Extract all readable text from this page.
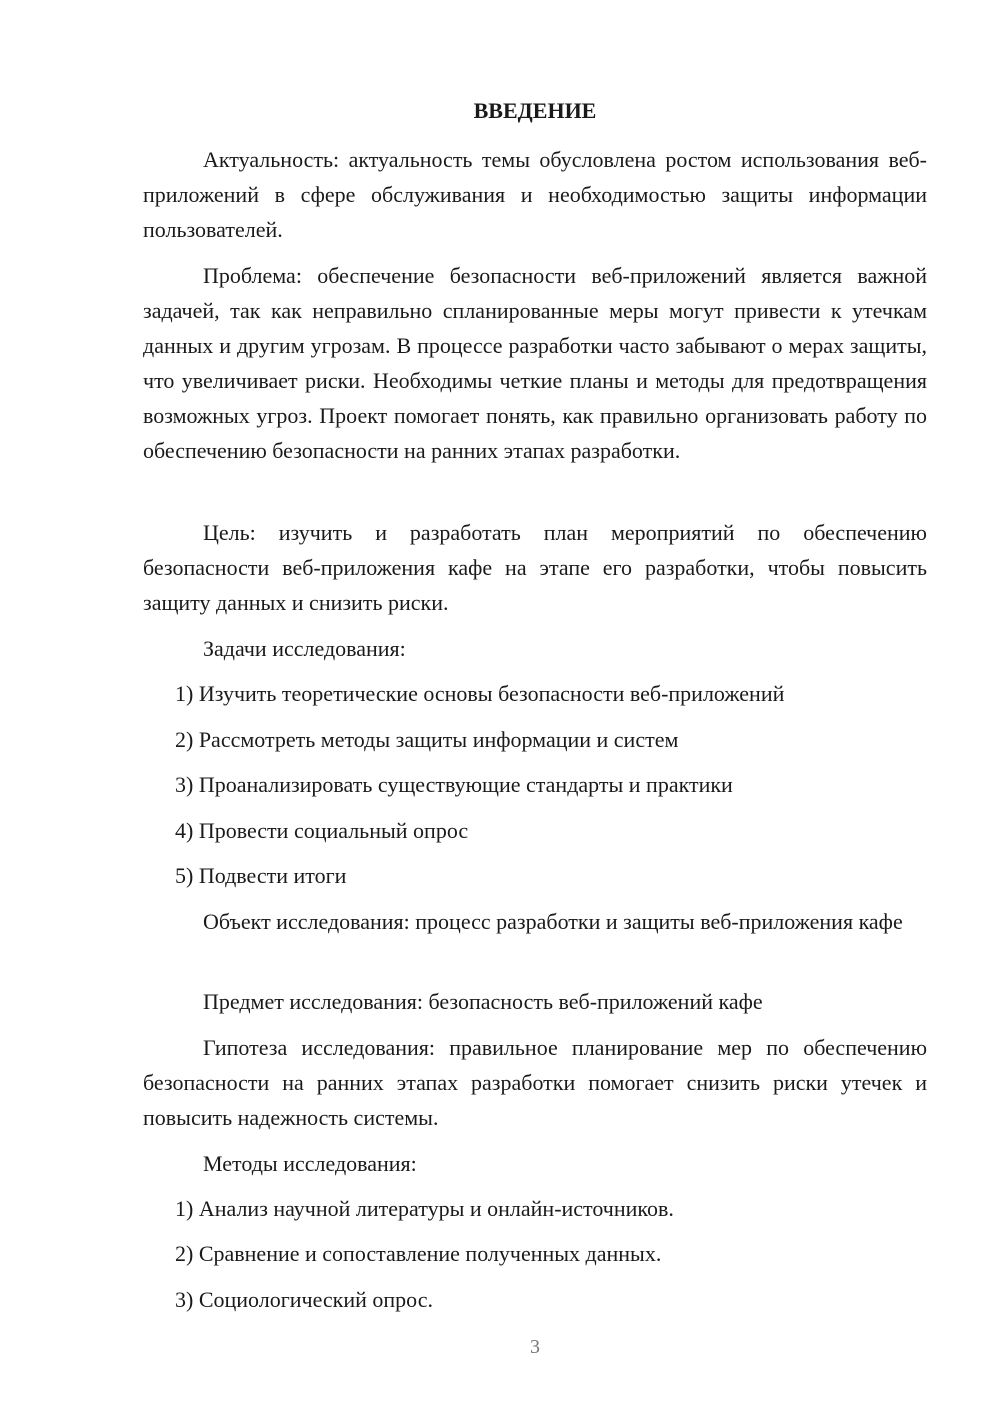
ВВЕДЕНИЕ

Актуальность: актуальность темы обусловлена ростом использования веб-приложений в сфере обслуживания и необходимостью защиты информации пользователей.

Проблема: обеспечение безопасности веб-приложений является важной задачей, так как неправильно спланированные меры могут привести к утечкам данных и другим угрозам. В процессе разработки часто забывают о мерах защиты, что увеличивает риски. Необходимы четкие планы и методы для предотвращения возможных угроз. Проект помогает понять, как правильно организовать работу по обеспечению безопасности на ранних этапах разработки.

Цель: изучить и разработать план мероприятий по обеспечению безопасности веб-приложения кафе на этапе его разработки, чтобы повысить защиту данных и снизить риски.

Задачи исследования:
1) Изучить теоретические основы безопасности веб-приложений
2) Рассмотреть методы защиты информации и систем
3) Проанализировать существующие стандарты и практики
4) Провести социальный опрос
5) Подвести итоги

Объект исследования: процесс разработки и защиты веб-приложения кафе

Предмет исследования: безопасность веб-приложений кафе

Гипотеза исследования: правильное планирование мер по обеспечению безопасности на ранних этапах разработки помогает снизить риски утечек и повысить надежность системы.

Методы исследования:
1) Анализ научной литературы и онлайн-источников.
2) Сравнение и сопоставление полученных данных.
3) Социологический опрос.
3
